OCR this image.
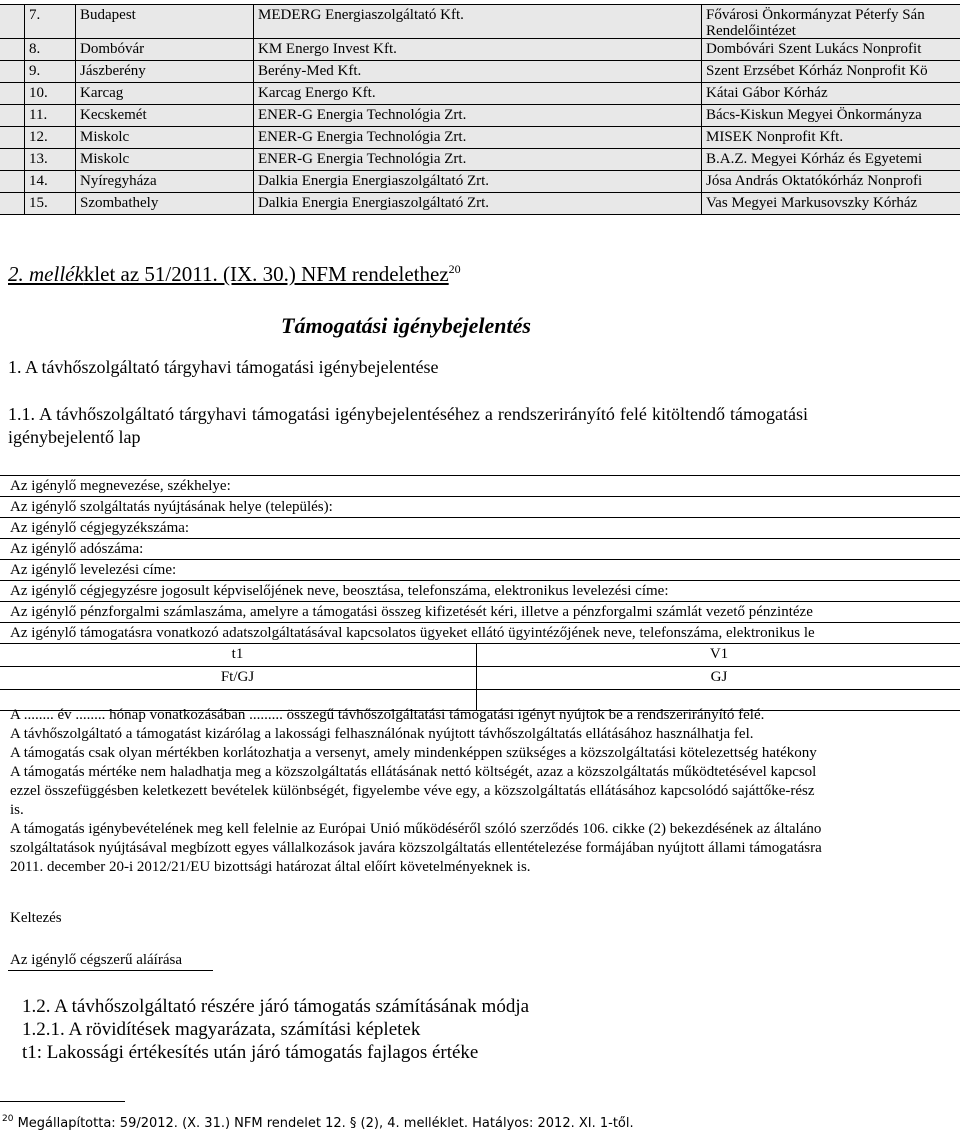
7.	Budapest	MEDERG Energiaszolgáltató Kft.	Fővárosi Önkormányzat Péterfy Sán
Rendelőintézet
8.	Dombóvár	KM Energo Invest Kft.	Dombóvári Szent Lukács Nonprofit
9.	Jászberény	Berény-Med Kft.	Szent Erzsébet Kórház Nonprofit Kö
10.	Karcag	Karcag Energo Kft.	Kátai Gábor Kórház
11.	Kecskemét	ENER-G Energia Technológia Zrt.	Bács-Kiskun Megyei Önkormányza
12.	Miskolc	ENER-G Energia Technológia Zrt.	MISEK Nonprofit Kft.
13.	Miskolc	ENER-G Energia Technológia Zrt.	B.A.Z. Megyei Kórház és Egyetemi
14.	Nyíregyháza	Dalkia Energia Energiaszolgáltató Zrt.	Jósa András Oktatókórház Nonprofi
15.	Szombathely	Dalkia Energia Energiaszolgáltató Zrt.	Vas Megyei Markusovszky Kórház
2. mellékklet az 51/2011. (IX. 30.) NFM rendelethez$^{20}$
Támogatási igénybejelentés
1. A távhőszolgáltató tárgyhavi támogatási igénybejelentése
1.1. A távhőszolgáltató tárgyhavi támogatási igénybejelentéséhez a rendszerirányító felé kitöltendő támogatási igénybejelentő lap
Az igénylő megnevezése, székhelye:
Az igénylő szolgáltatás nyújtásának helye (település):
Az igénylő cégjegyzékszáma:
Az igénylő adószáma:
Az igénylő levelezési címe:
Az igénylő cégjegyzésre jogosult képviselőjének neve, beosztása, telefonszáma, elektronikus levelezési címe:
Az igénylő pénzforgalmi számlaszáma, amelyre a támogatási összeg kifizetését kéri, illetve a pénzforgalmi számlát vezető pénzintéze
Az igénylő támogatásra vonatkozó adatszolgáltatásával kapcsolatos ügyeket ellátó ügyintézőjének neve, telefonszáma, elektronikus le
t1	V1
Ft/GJ	GJ
A ........ év ........ hónap vonatkozásában ......... összegű távhőszolgáltatási támogatási igényt nyújtok be a rendszerirányító felé.
A távhőszolgáltató a támogatást kizárólag a lakossági felhasználónak nyújtott távhőszolgáltatás ellátásához használhatja fel.
A támogatás csak olyan mértékben korlátozhatja a versenyt, amely mindenképpen szükséges a közszolgáltatási kötelezettség hatékony
A támogatás mértéke nem haladhatja meg a közszolgáltatás ellátásának nettó költségét, azaz a közszolgáltatás működtetésével kapcsol
ezzel összefüggésben keletkezett bevételek különbségét, figyelembe véve egy, a közszolgáltatás ellátásához kapcsolódó sajáttőke-rész
is.
A támogatás igénybevételének meg kell felelnie az Európai Unió működéséről szóló szerződés 106. cikke (2) bekezdésének az általáno
szolgáltatások nyújtásával megbízott egyes vállalkozások javára közszolgáltatás ellentételezése formájában nyújtott állami támogatásra
2011. december 20-i 2012/21/EU bizottsági határozat által előírt követelményeknek is.
Keltezés
Az igénylő cégszerű aláírása
1.2. A távhőszolgáltató részére járó támogatás számításának módja
1.2.1. A rövidítések magyarázata, számítási képletek
t1: Lakossági értékesítés után járó támogatás fajlagos értéke
$^{20}$ Megállapította: 59/2012. (X. 31.) NFM rendelet 12. § (2), 4. melléklet. Hatályos: 2012. XI. 1-től.
